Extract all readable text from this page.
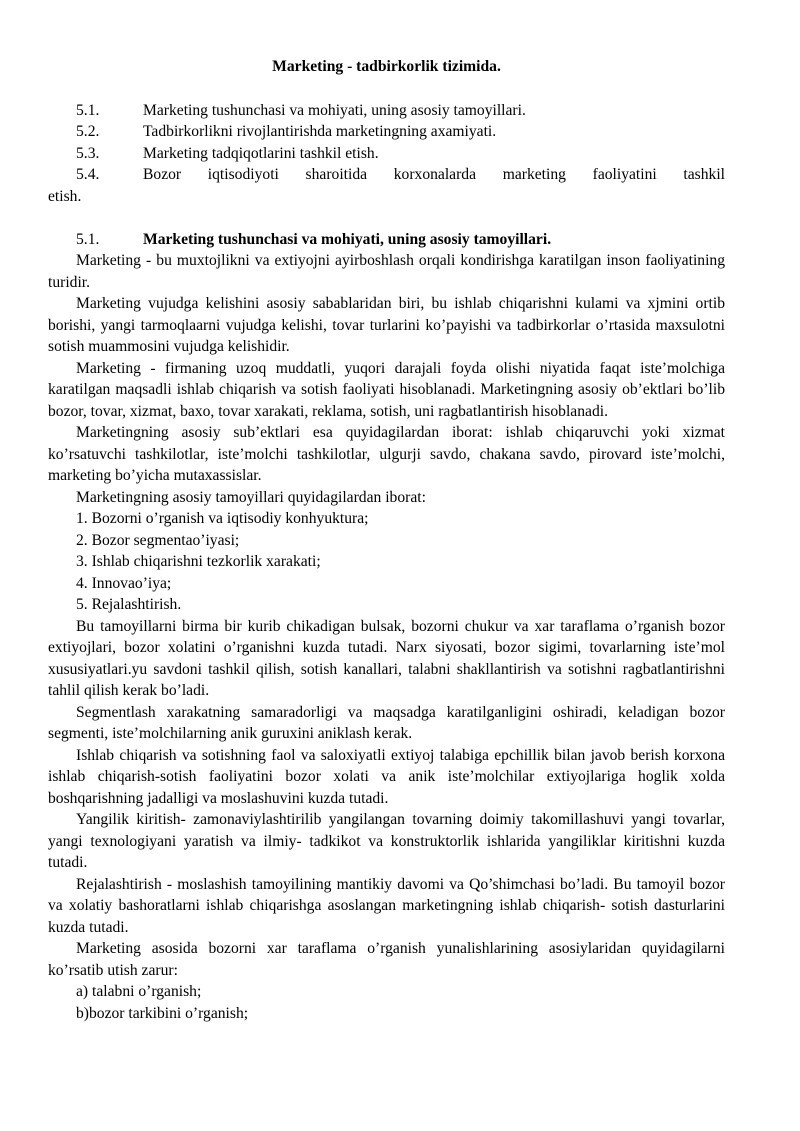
Marketing - tadbirkorlik tizimida.

5.1.	Marketing tushunchasi va mohiyati, uning asosiy tamoyillari.
5.2.	Tadbirkorlikni rivojlantirishda marketingning axamiyati.
5.3.	Marketing tadqiqotlarini tashkil etish.
5.4.	Bozor iqtisodiyoti sharoitida korxonalarda marketing faoliyatini tashkil
etish.
5.1.	Marketing tushunchasi va mohiyati, uning asosiy tamoyillari.

Marketing - bu muxtojlikni va extiyojni ayirboshlash orqali kondirishga karatilgan inson faoliyatining turidir.

Marketing vujudga kelishini asosiy sabablaridan biri, bu ishlab chiqarishni kulami va xjmini ortib borishi, yangi tarmoqlaarni vujudga kelishi, tovar turlarini ko’payishi va tadbirkorlar o’rtasida maxsulotni sotish muammosini vujudga kelishidir.

Marketing - firmaning uzoq muddatli, yuqori darajali foyda olishi niyatida faqat iste’molchiga karatilgan maqsadli ishlab chiqarish va sotish faoliyati hisoblanadi. Marketingning asosiy ob’ektlari bo’lib bozor, tovar, xizmat, baxo, tovar xarakati, reklama, sotish, uni ragbatlantirish hisoblanadi.

Marketingning asosiy sub’ektlari esa quyidagilardan iborat: ishlab chiqaruvchi yoki xizmat ko’rsatuvchi tashkilotlar, iste’molchi tashkilotlar, ulgurji savdo, chakana savdo, pirovard iste’molchi, marketing bo’yicha mutaxassislar.

Marketingning asosiy tamoyillari quyidagilardan iborat:

1. Bozorni o’rganish va iqtisodiy konhyuktura;

2. Bozor segmentao’iyasi;

3. Ishlab chiqarishni tezkorlik xarakati;

4. Innovao’iya;

5. Rejalashtirish.

Bu tamoyillarni birma bir kurib chikadigan bulsak, bozorni chukur va xar taraflama o’rganish bozor extiyojlari, bozor xolatini o’rganishni kuzda tutadi. Narx siyosati, bozor sigimi, tovarlarning iste’mol xususiyatlari.yu savdoni tashkil qilish, sotish kanallari, talabni shakllantirish va sotishni ragbatlantirishni tahlil qilish kerak bo’ladi.

Segmentlash xarakatning samaradorligi va maqsadga karatilganligini oshiradi, keladigan bozor segmenti, iste’molchilarning anik guruxini aniklash kerak.

Ishlab chiqarish va sotishning faol va saloxiyatli extiyoj talabiga epchillik bilan javob berish korxona ishlab chiqarish-sotish faoliyatini bozor xolati va anik iste’molchilar extiyojlariga hoglik xolda boshqarishning jadalligi va moslashuvini kuzda tutadi.

Yangilik kiritish- zamonaviylashtirilib yangilangan tovarning doimiy takomillashuvi yangi tovarlar, yangi texnologiyani yaratish va ilmiy- tadkikot va konstruktorlik ishlarida yangiliklar kiritishni kuzda tutadi.

Rejalashtirish - moslashish tamoyilining mantikiy davomi va Qo’shimchasi bo’ladi. Bu tamoyil bozor va xolatiy bashoratlarni ishlab chiqarishga asoslangan marketingning ishlab chiqarish- sotish dasturlarini kuzda tutadi.

Marketing asosida bozorni xar taraflama o’rganish yunalishlarining asosiylaridan quyidagilarni ko’rsatib utish zarur:

a) talabni o’rganish;

b)bozor tarkibini o’rganish;
